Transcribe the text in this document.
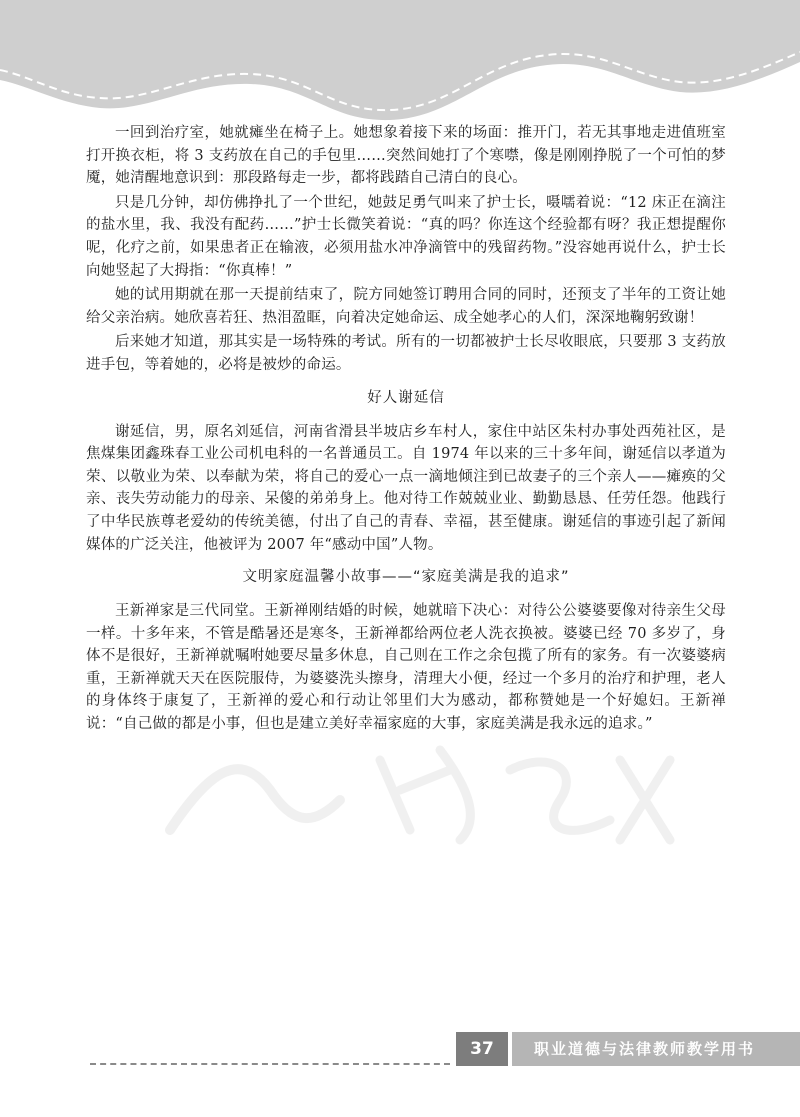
一回到治疗室，她就瘫坐在椅子上。她想象着接下来的场面：推开门，若无其事地走进值班室打开换衣柜，将 3 支药放在自己的手包里……突然间她打了个寒噤，像是刚刚挣脱了一个可怕的梦魇，她清醒地意识到：那段路每走一步，都将践踏自己清白的良心。

只是几分钟，却仿佛挣扎了一个世纪，她鼓足勇气叫来了护士长，嗫嚅着说：“12 床正在滴注的盐水里，我、我没有配药……”护士长微笑着说：“真的吗？你连这个经验都有呀？我正想提醒你呢，化疗之前，如果患者正在输液，必须用盐水冲净滴管中的残留药物。”没容她再说什么，护士长向她竖起了大拇指：“你真棒！”

她的试用期就在那一天提前结束了，院方同她签订聘用合同的同时，还预支了半年的工资让她给父亲治病。她欣喜若狂、热泪盈眶，向着决定她命运、成全她孝心的人们，深深地鞠躬致谢！

后来她才知道，那其实是一场特殊的考试。所有的一切都被护士长尽收眼底，只要那 3 支药放进手包，等着她的，必将是被炒的命运。

好人谢延信

谢延信，男，原名刘延信，河南省滑县半坡店乡车村人，家住中站区朱村办事处西苑社区，是焦煤集团鑫珠春工业公司机电科的一名普通员工。自 1974 年以来的三十多年间，谢延信以孝道为荣、以敬业为荣、以奉献为荣，将自己的爱心一点一滴地倾注到已故妻子的三个亲人——瘫痪的父亲、丧失劳动能力的母亲、呆傻的弟弟身上。他对待工作兢兢业业、勤勤恳恳、任劳任怨。他践行了中华民族尊老爱幼的传统美德，付出了自己的青春、幸福，甚至健康。谢延信的事迹引起了新闻媒体的广泛关注，他被评为 2007 年“感动中国”人物。

文明家庭温馨小故事——“家庭美满是我的追求”

王新禅家是三代同堂。王新禅刚结婚的时候，她就暗下决心：对待公公婆婆要像对待亲生父母一样。十多年来，不管是酷暑还是寒冬，王新禅都给两位老人洗衣换被。婆婆已经 70 多岁了，身体不是很好，王新禅就嘱咐她要尽量多休息，自己则在工作之余包揽了所有的家务。有一次婆婆病重，王新禅就天天在医院服侍，为婆婆洗头擦身，清理大小便，经过一个多月的治疗和护理，老人的身体终于康复了，王新禅的爱心和行动让邻里们大为感动，都称赞她是一个好媳妇。王新禅说：“自己做的都是小事，但也是建立美好幸福家庭的大事，家庭美满是我永远的追求。”

37	职业道德与法律教师教学用书
